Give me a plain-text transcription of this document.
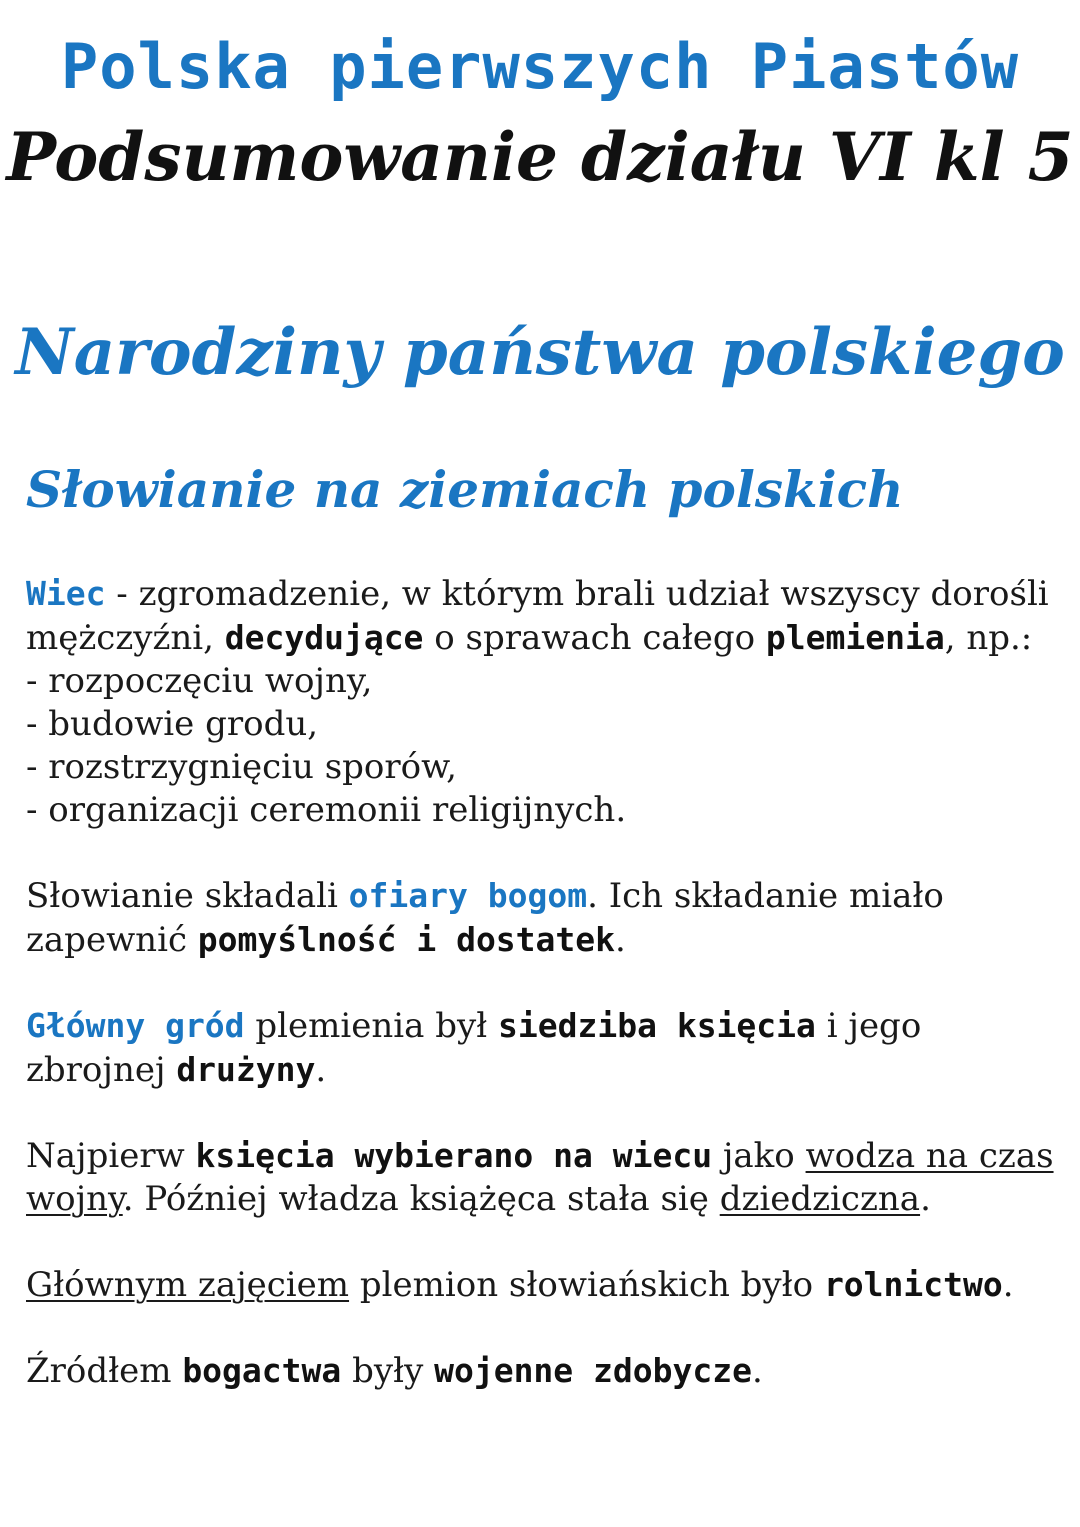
Polska pierwszych Piastów
Podsumowanie działu VI kl 5
Narodziny państwa polskiego
Słowianie na ziemiach polskich

Wiec - zgromadzenie, w którym brali udział wszyscy dorośli mężczyźni, decydujące o sprawach całego plemienia, np.:
- rozpoczęciu wojny,
- budowie grodu,
- rozstrzygnięciu sporów,
- organizacji ceremonii religijnych.

Słowianie składali ofiary bogom. Ich składanie miało zapewnić pomyślność i dostatek.

Główny gród plemienia był siedziba księcia i jego zbrojnej drużyny.

Najpierw księcia wybierano na wiecu jako wodza na czas wojny. Później władza książęca stała się dziedziczna.

Głównym zajęciem plemion słowiańskich było rolnictwo.

Źródłem bogactwa były wojenne zdobycze.
